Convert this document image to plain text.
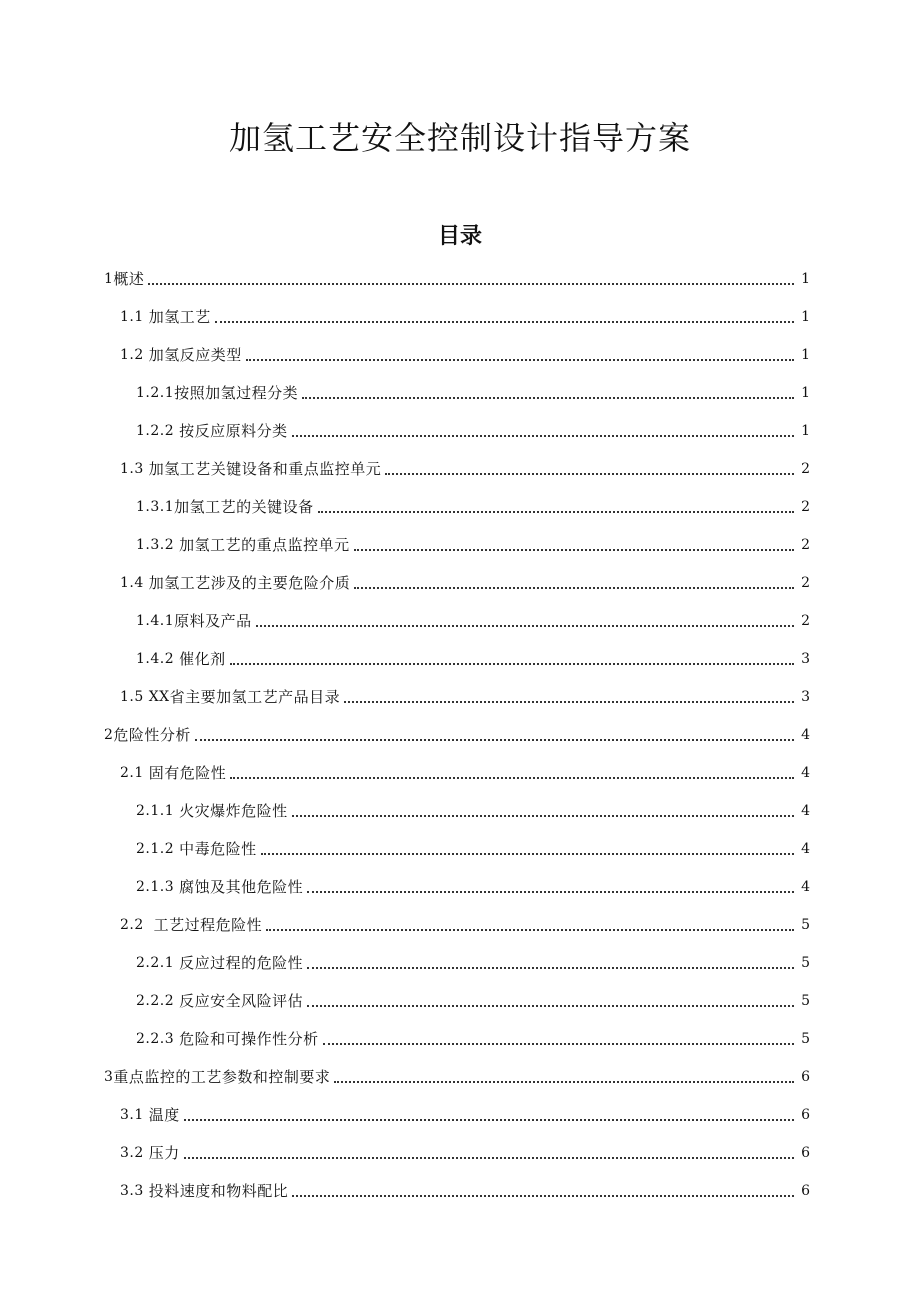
加氢工艺安全控制设计指导方案
目录
1 概述	1
1.1 加氢工艺	1
1.2 加氢反应类型	1
1.2.1 按照加氢过程分类	1
1.2.2 按反应原料分类	1
1.3 加氢工艺关键设备和重点监控单元	2
1.3.1 加氢工艺的关键设备	2
1.3.2 加氢工艺的重点监控单元	2
1.4 加氢工艺涉及的主要危险介质	2
1.4.1 原料及产品	2
1.4.2 催化剂	3
1.5 XX 省主要加氢工艺产品目录	3
2 危险性分析	4
2.1 固有危险性	4
2.1.1 火灾爆炸危险性	4
2.1.2 中毒危险性	4
2.1.3 腐蚀及其他危险性	4
2.2 工艺过程危险性	5
2.2.1 反应过程的危险性	5
2.2.2 反应安全风险评估	5
2.2.3 危险和可操作性分析	5
3 重点监控的工艺参数和控制要求	6
3.1 温度	6
3.2 压力	6
3.3 投料速度和物料配比	6
